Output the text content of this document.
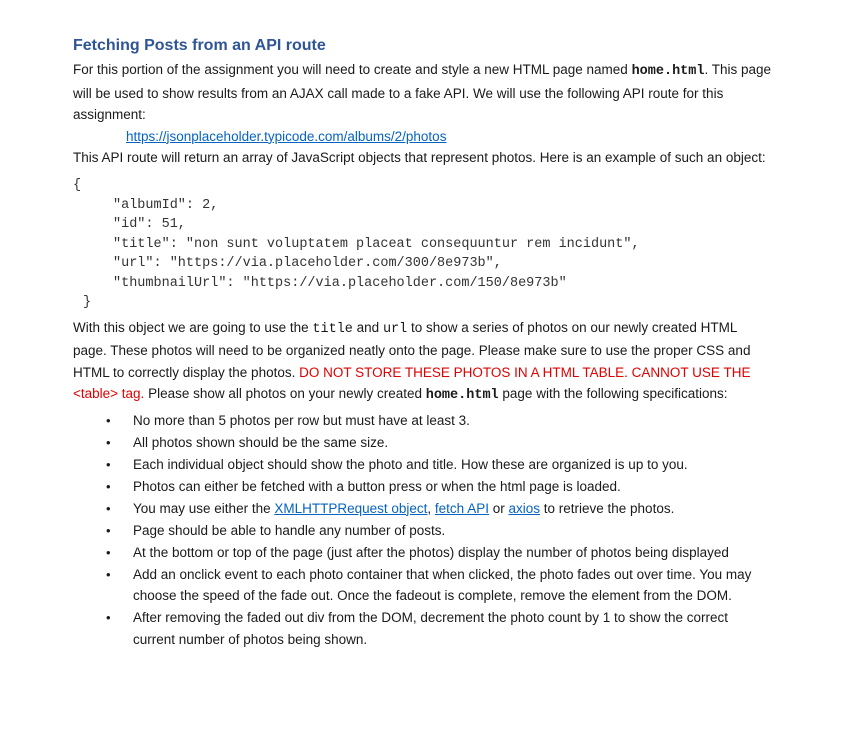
Fetching Posts from an API route

For this portion of the assignment you will need to create and style a new HTML page named home.html. This page will be used to show results from an AJAX call made to a fake API. We will use the following API route for this assignment:

https://jsonplaceholder.typicode.com/albums/2/photos

This API route will return an array of JavaScript objects that represent photos. Here is an example of such an object:

{
"albumId": 2,
"id": 51,
"title": "non sunt voluptatem placeat consequuntur rem incidunt",
"url": "https://via.placeholder.com/300/8e973b",
"thumbnailUrl": "https://via.placeholder.com/150/8e973b"
}

With this object we are going to use the title and url to show a series of photos on our newly created HTML page. These photos will need to be organized neatly onto the page. Please make sure to use the proper CSS and HTML to correctly display the photos. DO NOT STORE THESE PHOTOS IN A HTML TABLE. CANNOT USE THE <table> tag. Please show all photos on your newly created home.html page with the following specifications:

• No more than 5 photos per row but must have at least 3.
• All photos shown should be the same size.
• Each individual object should show the photo and title. How these are organized is up to you.
• Photos can either be fetched with a button press or when the html page is loaded.
• You may use either the XMLHTTPRequest object, fetch API or axios to retrieve the photos.
• Page should be able to handle any number of posts.
• At the bottom or top of the page (just after the photos) display the number of photos being displayed
• Add an onclick event to each photo container that when clicked, the photo fades out over time. You may choose the speed of the fade out. Once the fadeout is complete, remove the element from the DOM.
• After removing the faded out div from the DOM, decrement the photo count by 1 to show the correct current number of photos being shown.
